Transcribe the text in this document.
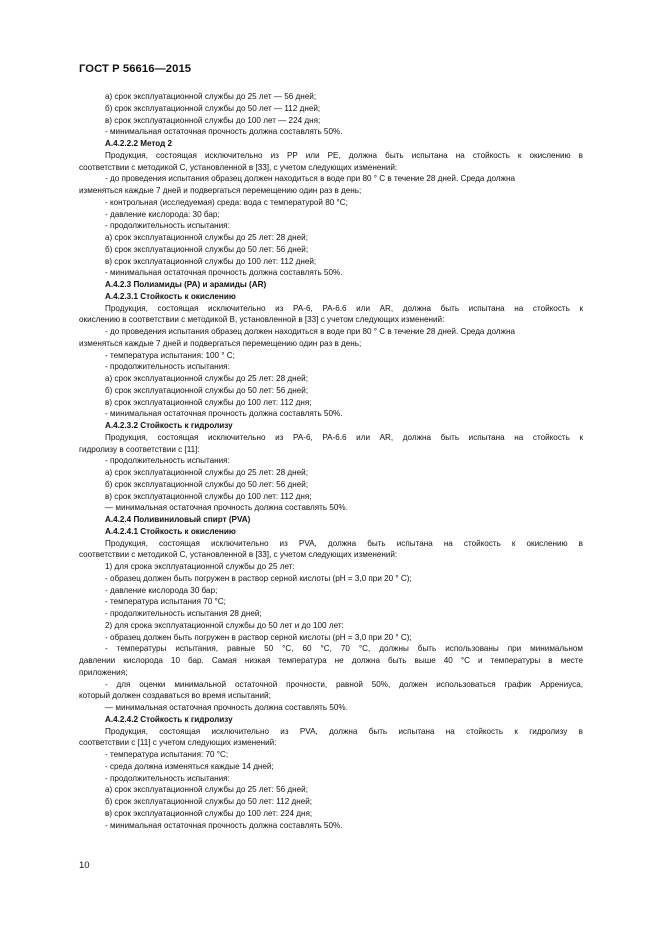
ГОСТ Р 56616—2015
а) срок эксплуатационной службы до 25 лет — 56 дней;
б) срок эксплуатационной службы до 50 лет — 112 дней;
в) срок эксплуатационной службы до 100 лет — 224 дня;
- минимальная остаточная прочность должна составлять 50%.
А.4.2.2.2 Метод 2
Продукция, состоящая исключительно из PP или PE, должна быть испытана на стойкость к окислению в
соответствии с методикой C, установленной в [33], с учетом следующих изменений:
- до проведения испытания образец должен находиться в воде при 80 ° C в течение 28 дней. Среда должна
изменяться каждые 7 дней и подвергаться перемещению один раз в день;
- контрольная (исследуемая) среда: вода с температурой 80 °C;
- давление кислорода: 30 бар;
- продолжительность испытания:
а) срок эксплуатационной службы до 25 лет: 28 дней;
б) срок эксплуатационной службы до 50 лет: 56 дней;
в) срок эксплуатационной службы до 100 лет: 112 дней;
- минимальная остаточная прочность должна составлять 50%.
А.4.2.3 Полиамиды (PA) и арамиды (AR)
А.4.2.3.1 Стойкость к окислению
Продукция, состоящая исключительно из PA-6, PA-6.6 или AR, должна быть испытана на стойкость к
окислению в соответствии с методикой B, установленной в [33] с учетом следующих изменений:
- до проведения испытания образец должен находиться в воде при 80 ° C в течение 28 дней. Среда должна
изменяться каждые 7 дней и подвергаться перемещению один раз в день;
- температура испытания: 100 ° C;
- продолжительность испытания:
а) срок эксплуатационной службы до 25 лет: 28 дней;
б) срок эксплуатационной службы до 50 лет: 56 дней;
в) срок эксплуатационной службы до 100 лет: 112 дня;
- минимальная остаточная прочность должна составлять 50%.
А.4.2.3.2 Стойкость к гидролизу
Продукция, состоящая исключительно из PA-6, PA-6.6 или AR, должна быть испытана на стойкость к
гидролизу в соответствии с [11]:
- продолжительность испытания:
а) срок эксплуатационной службы до 25 лет: 28 дней;
б) срок эксплуатационной службы до 50 лет: 56 дней;
в) срок эксплуатационной службы до 100 лет: 112 дня;
— минимальная остаточная прочность должна составлять 50%.
А.4.2.4 Поливиниловый спирт (PVA)
А.4.2.4.1 Стойкость к окислению
Продукция, состоящая исключительно из PVA, должна быть испытана на стойкость к окислению в
соответствии с методикой C, установленной в [33], с учетом следующих изменений:
1) для срока эксплуатационной службы до 25 лет:
- образец должен быть погружен в раствор серной кислоты (pH = 3,0 при 20 ° C);
- давление кислорода 30 бар;
- температура испытания 70 °C;
- продолжительность испытания 28 дней;
2) для срока эксплуатационной службы до 50 лет и до 100 лет:
- образец должен быть погружен в раствор серной кислоты (pH = 3,0 при 20 ° C);
- температуры испытания, равные 50 °C, 60 °C, 70 °C, должны быть использованы при минимальном
давлении кислорода 10 бар. Самая низкая температура не должна быть выше 40 °C и температуры в месте
приложения;
- для оценки минимальной остаточной прочности, равной 50%, должен использоваться график Аррениуса,
который должен создаваться во время испытаний;
— минимальная остаточная прочность должна составлять 50%.
А.4.2.4.2 Стойкость к гидролизу
Продукция, состоящая исключительно из PVA, должна быть испытана на стойкость к гидролизу в
соответствии с [11] с учетом следующих изменений:
- температура испытания: 70 °C;
- среда должна изменяться каждые 14 дней;
- продолжительность испытания:
а) срок эксплуатационной службы до 25 лет: 56 дней;
б) срок эксплуатационной службы до 50 лет: 112 дней;
в) срок эксплуатационной службы до 100 лет: 224 дня;
- минимальная остаточная прочность должна составлять 50%.
10
